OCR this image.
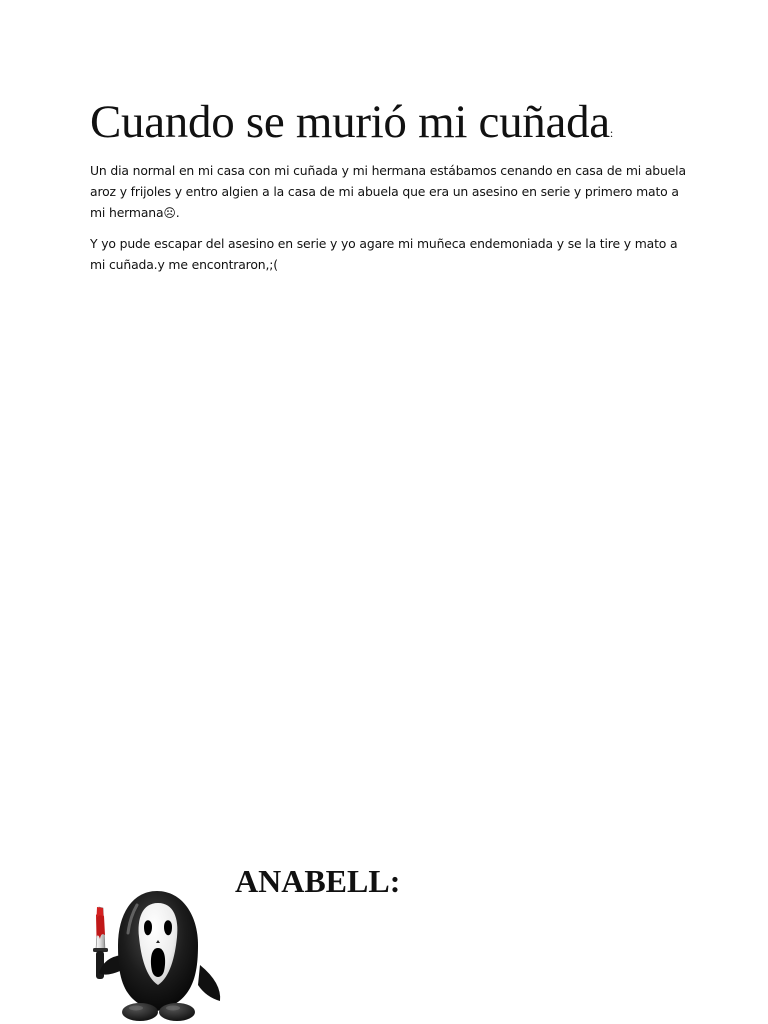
Cuando se murió mi cuñada:

Un dia normal en mi casa con mi cuñada y mi hermana estábamos cenando en casa de mi abuela aroz y frijoles y entro algien a la casa de mi abuela que era un asesino en serie y primero mato a mi hermana☹.

Y yo pude escapar del asesino en serie y yo agare mi muñeca endemoniada y se la tire y mato a mi cuñada.y me encontraron,;(

ANABELL:
